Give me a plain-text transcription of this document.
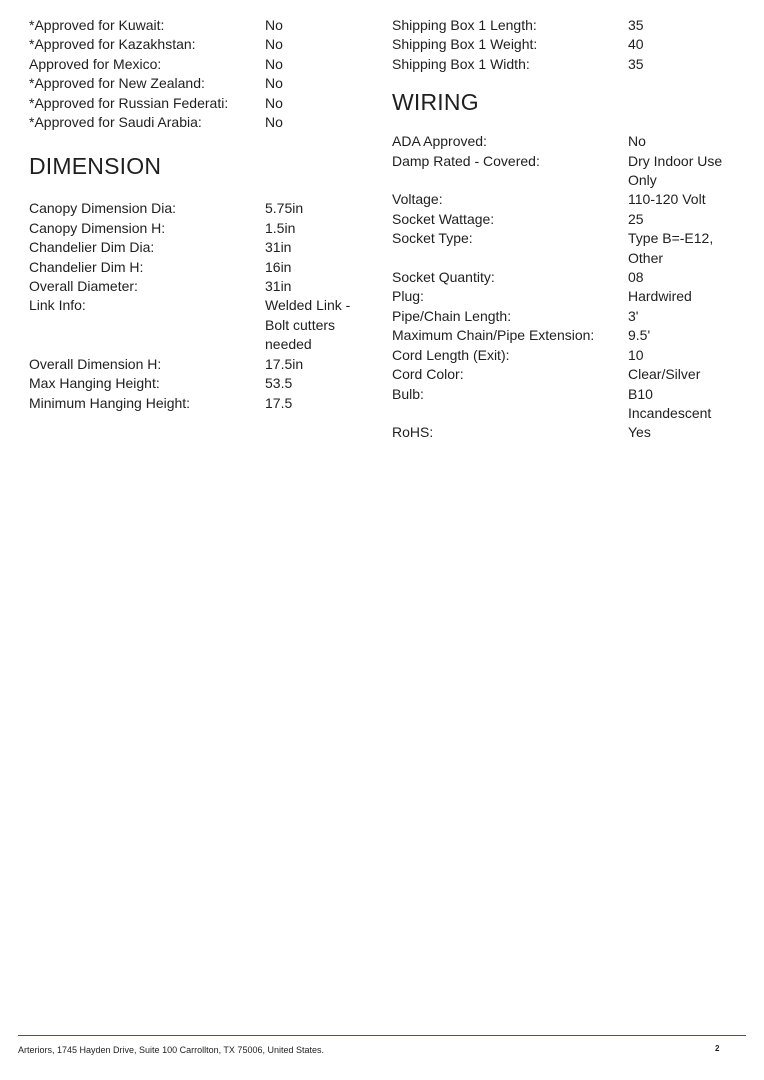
*Approved for Kuwait:	No
*Approved for Kazakhstan:	No
Approved for Mexico:	No
*Approved for New Zealand:	No
*Approved for Russian Federati:	No
*Approved for Saudi Arabia:	No
DIMENSION
Canopy Dimension Dia:	5.75in
Canopy Dimension H:	1.5in
Chandelier Dim Dia:	31in
Chandelier Dim H:	16in
Overall Diameter:	31in
Link Info:	Welded Link - Bolt cutters needed
Overall Dimension H:	17.5in
Max Hanging Height:	53.5
Minimum Hanging Height:	17.5
Shipping Box 1 Length:	35
Shipping Box 1 Weight:	40
Shipping Box 1 Width:	35
WIRING
ADA Approved:	No
Damp Rated - Covered:	Dry Indoor Use Only
Voltage:	110-120 Volt
Socket Wattage:	25
Socket Type:	Type B=-E12, Other
Socket Quantity:	08
Plug:	Hardwired
Pipe/Chain Length:	3'
Maximum Chain/Pipe Extension:	9.5'
Cord Length (Exit):	10
Cord Color:	Clear/Silver
Bulb:	B10 Incandescent
RoHS:	Yes
Arteriors, 1745 Hayden Drive, Suite 100 Carrollton, TX 75006, United States.	2
